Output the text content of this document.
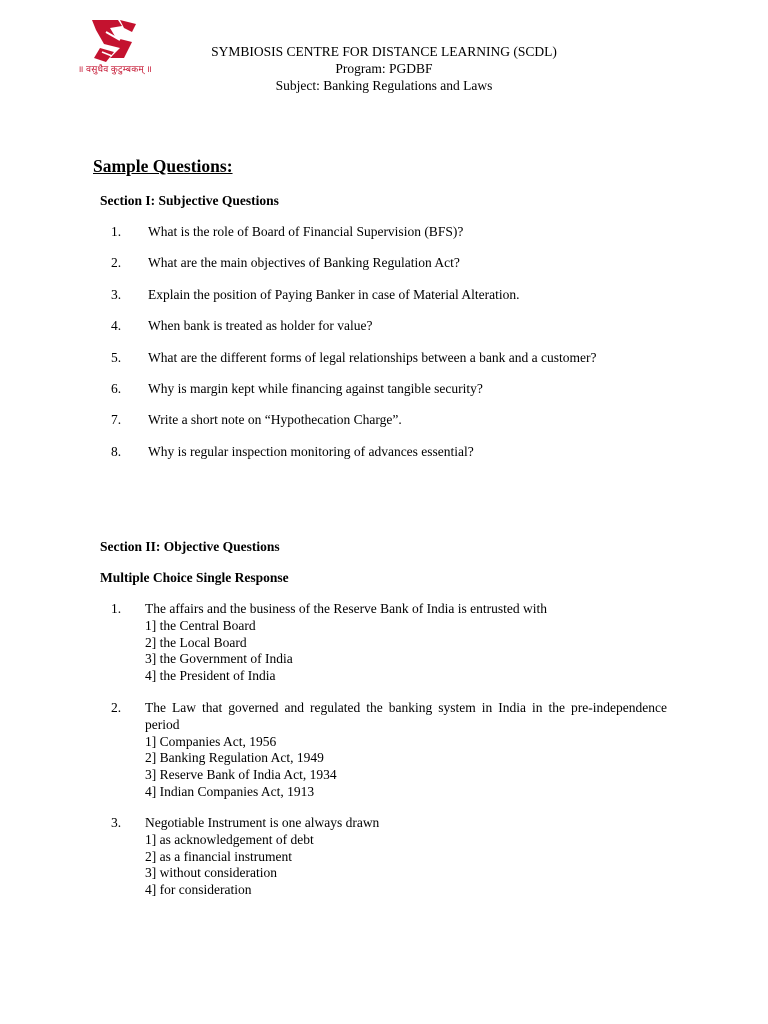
॥ वसुधैव कुटुम्बकम् ॥
SYMBIOSIS CENTRE FOR DISTANCE LEARNING (SCDL)
Program: PGDBF
Subject: Banking Regulations and Laws
Sample Questions:
Section I: Subjective Questions
1. What is the role of Board of Financial Supervision (BFS)?
2. What are the main objectives of Banking Regulation Act?
3. Explain the position of Paying Banker in case of Material Alteration.
4. When bank is treated as holder for value?
5. What are the different forms of legal relationships between a bank and a customer?
6. Why is margin kept while financing against tangible security?
7. Write a short note on “Hypothecation Charge”.
8. Why is regular inspection monitoring of advances essential?
Section II: Objective Questions
Multiple Choice Single Response
1. The affairs and the business of the Reserve Bank of India is entrusted with
1] the Central Board
2] the Local Board
3] the Government of India
4] the President of India
2. The Law that governed and regulated the banking system in India in the pre-independence period
1] Companies Act, 1956
2] Banking Regulation Act, 1949
3] Reserve Bank of India Act, 1934
4] Indian Companies Act, 1913
3. Negotiable Instrument is one always drawn
1] as acknowledgement of debt
2] as a financial instrument
3] without consideration
4] for consideration
